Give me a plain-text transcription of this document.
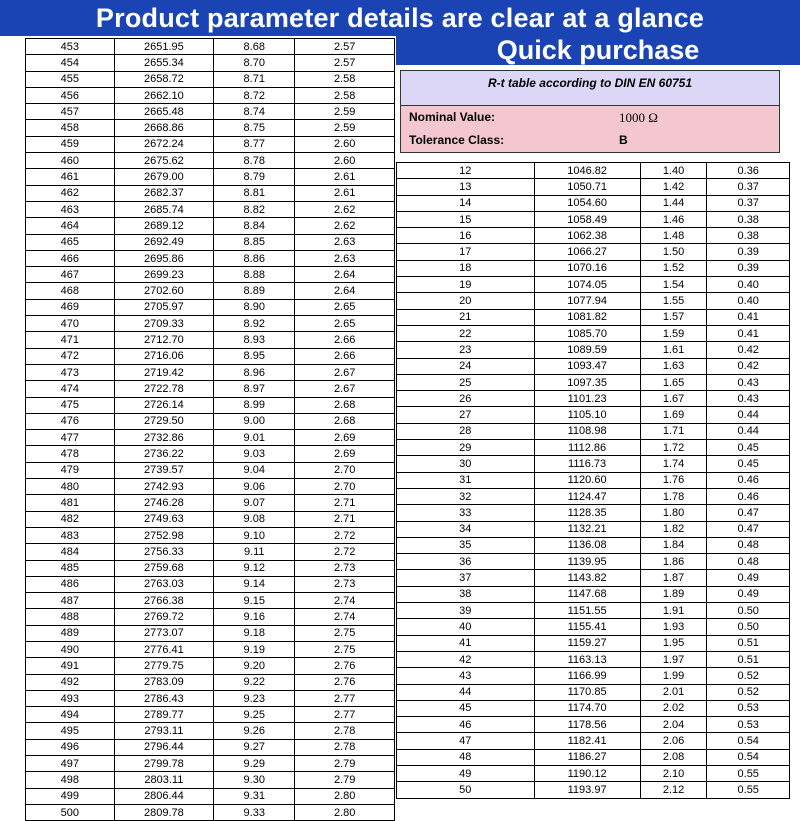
Product parameter details are clear at a glance
Quick purchase
453	2651.95	8.68	2.57
454	2655.34	8.70	2.57
455	2658.72	8.71	2.58
456	2662.10	8.72	2.58
457	2665.48	8.74	2.59
458	2668.86	8.75	2.59
459	2672.24	8.77	2.60
460	2675.62	8.78	2.60
461	2679.00	8.79	2.61
462	2682.37	8.81	2.61
463	2685.74	8.82	2.62
464	2689.12	8.84	2.62
465	2692.49	8.85	2.63
466	2695.86	8.86	2.63
467	2699.23	8.88	2.64
468	2702.60	8.89	2.64
469	2705.97	8.90	2.65
470	2709.33	8.92	2.65
471	2712.70	8.93	2.66
472	2716.06	8.95	2.66
473	2719.42	8.96	2.67
474	2722.78	8.97	2.67
475	2726.14	8.99	2.68
476	2729.50	9.00	2.68
477	2732.86	9.01	2.69
478	2736.22	9.03	2.69
479	2739.57	9.04	2.70
480	2742.93	9.06	2.70
481	2746.28	9.07	2.71
482	2749.63	9.08	2.71
483	2752.98	9.10	2.72
484	2756.33	9.11	2.72
485	2759.68	9.12	2.73
486	2763.03	9.14	2.73
487	2766.38	9.15	2.74
488	2769.72	9.16	2.74
489	2773.07	9.18	2.75
490	2776.41	9.19	2.75
491	2779.75	9.20	2.76
492	2783.09	9.22	2.76
493	2786.43	9.23	2.77
494	2789.77	9.25	2.77
495	2793.11	9.26	2.78
496	2796.44	9.27	2.78
497	2799.78	9.29	2.79
498	2803.11	9.30	2.79
499	2806.44	9.31	2.80
500	2809.78	9.33	2.80
R-t table according to DIN EN 60751
Nominal Value:	1000 Ω
Tolerance Class:	B
12	1046.82	1.40	0.36
13	1050.71	1.42	0.37
14	1054.60	1.44	0.37
15	1058.49	1.46	0.38
16	1062.38	1.48	0.38
17	1066.27	1.50	0.39
18	1070.16	1.52	0.39
19	1074.05	1.54	0.40
20	1077.94	1.55	0.40
21	1081.82	1.57	0.41
22	1085.70	1.59	0.41
23	1089.59	1.61	0.42
24	1093.47	1.63	0.42
25	1097.35	1.65	0.43
26	1101.23	1.67	0.43
27	1105.10	1.69	0.44
28	1108.98	1.71	0.44
29	1112.86	1.72	0.45
30	1116.73	1.74	0.45
31	1120.60	1.76	0.46
32	1124.47	1.78	0.46
33	1128.35	1.80	0.47
34	1132.21	1.82	0.47
35	1136.08	1.84	0.48
36	1139.95	1.86	0.48
37	1143.82	1.87	0.49
38	1147.68	1.89	0.49
39	1151.55	1.91	0.50
40	1155.41	1.93	0.50
41	1159.27	1.95	0.51
42	1163.13	1.97	0.51
43	1166.99	1.99	0.52
44	1170.85	2.01	0.52
45	1174.70	2.02	0.53
46	1178.56	2.04	0.53
47	1182.41	2.06	0.54
48	1186.27	2.08	0.54
49	1190.12	2.10	0.55
50	1193.97	2.12	0.55
